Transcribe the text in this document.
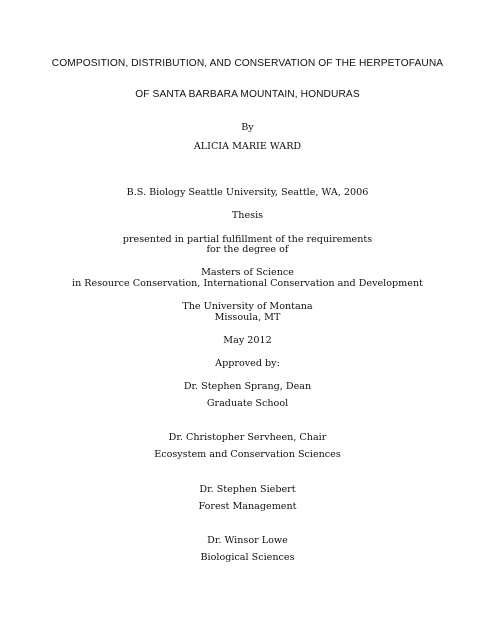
COMPOSITION, DISTRIBUTION, AND CONSERVATION OF THE HERPETOFAUNA
OF SANTA BARBARA MOUNTAIN, HONDURAS
By
ALICIA MARIE WARD
B.S. Biology Seattle University, Seattle, WA, 2006
Thesis
presented in partial fulfillment of the requirements
for the degree of
Masters of Science
in Resource Conservation, International Conservation and Development
The University of Montana
Missoula, MT
May 2012
Approved by:
Dr. Stephen Sprang, Dean
Graduate School
Dr. Christopher Servheen, Chair
Ecosystem and Conservation Sciences
Dr. Stephen Siebert
Forest Management
Dr. Winsor Lowe
Biological Sciences
